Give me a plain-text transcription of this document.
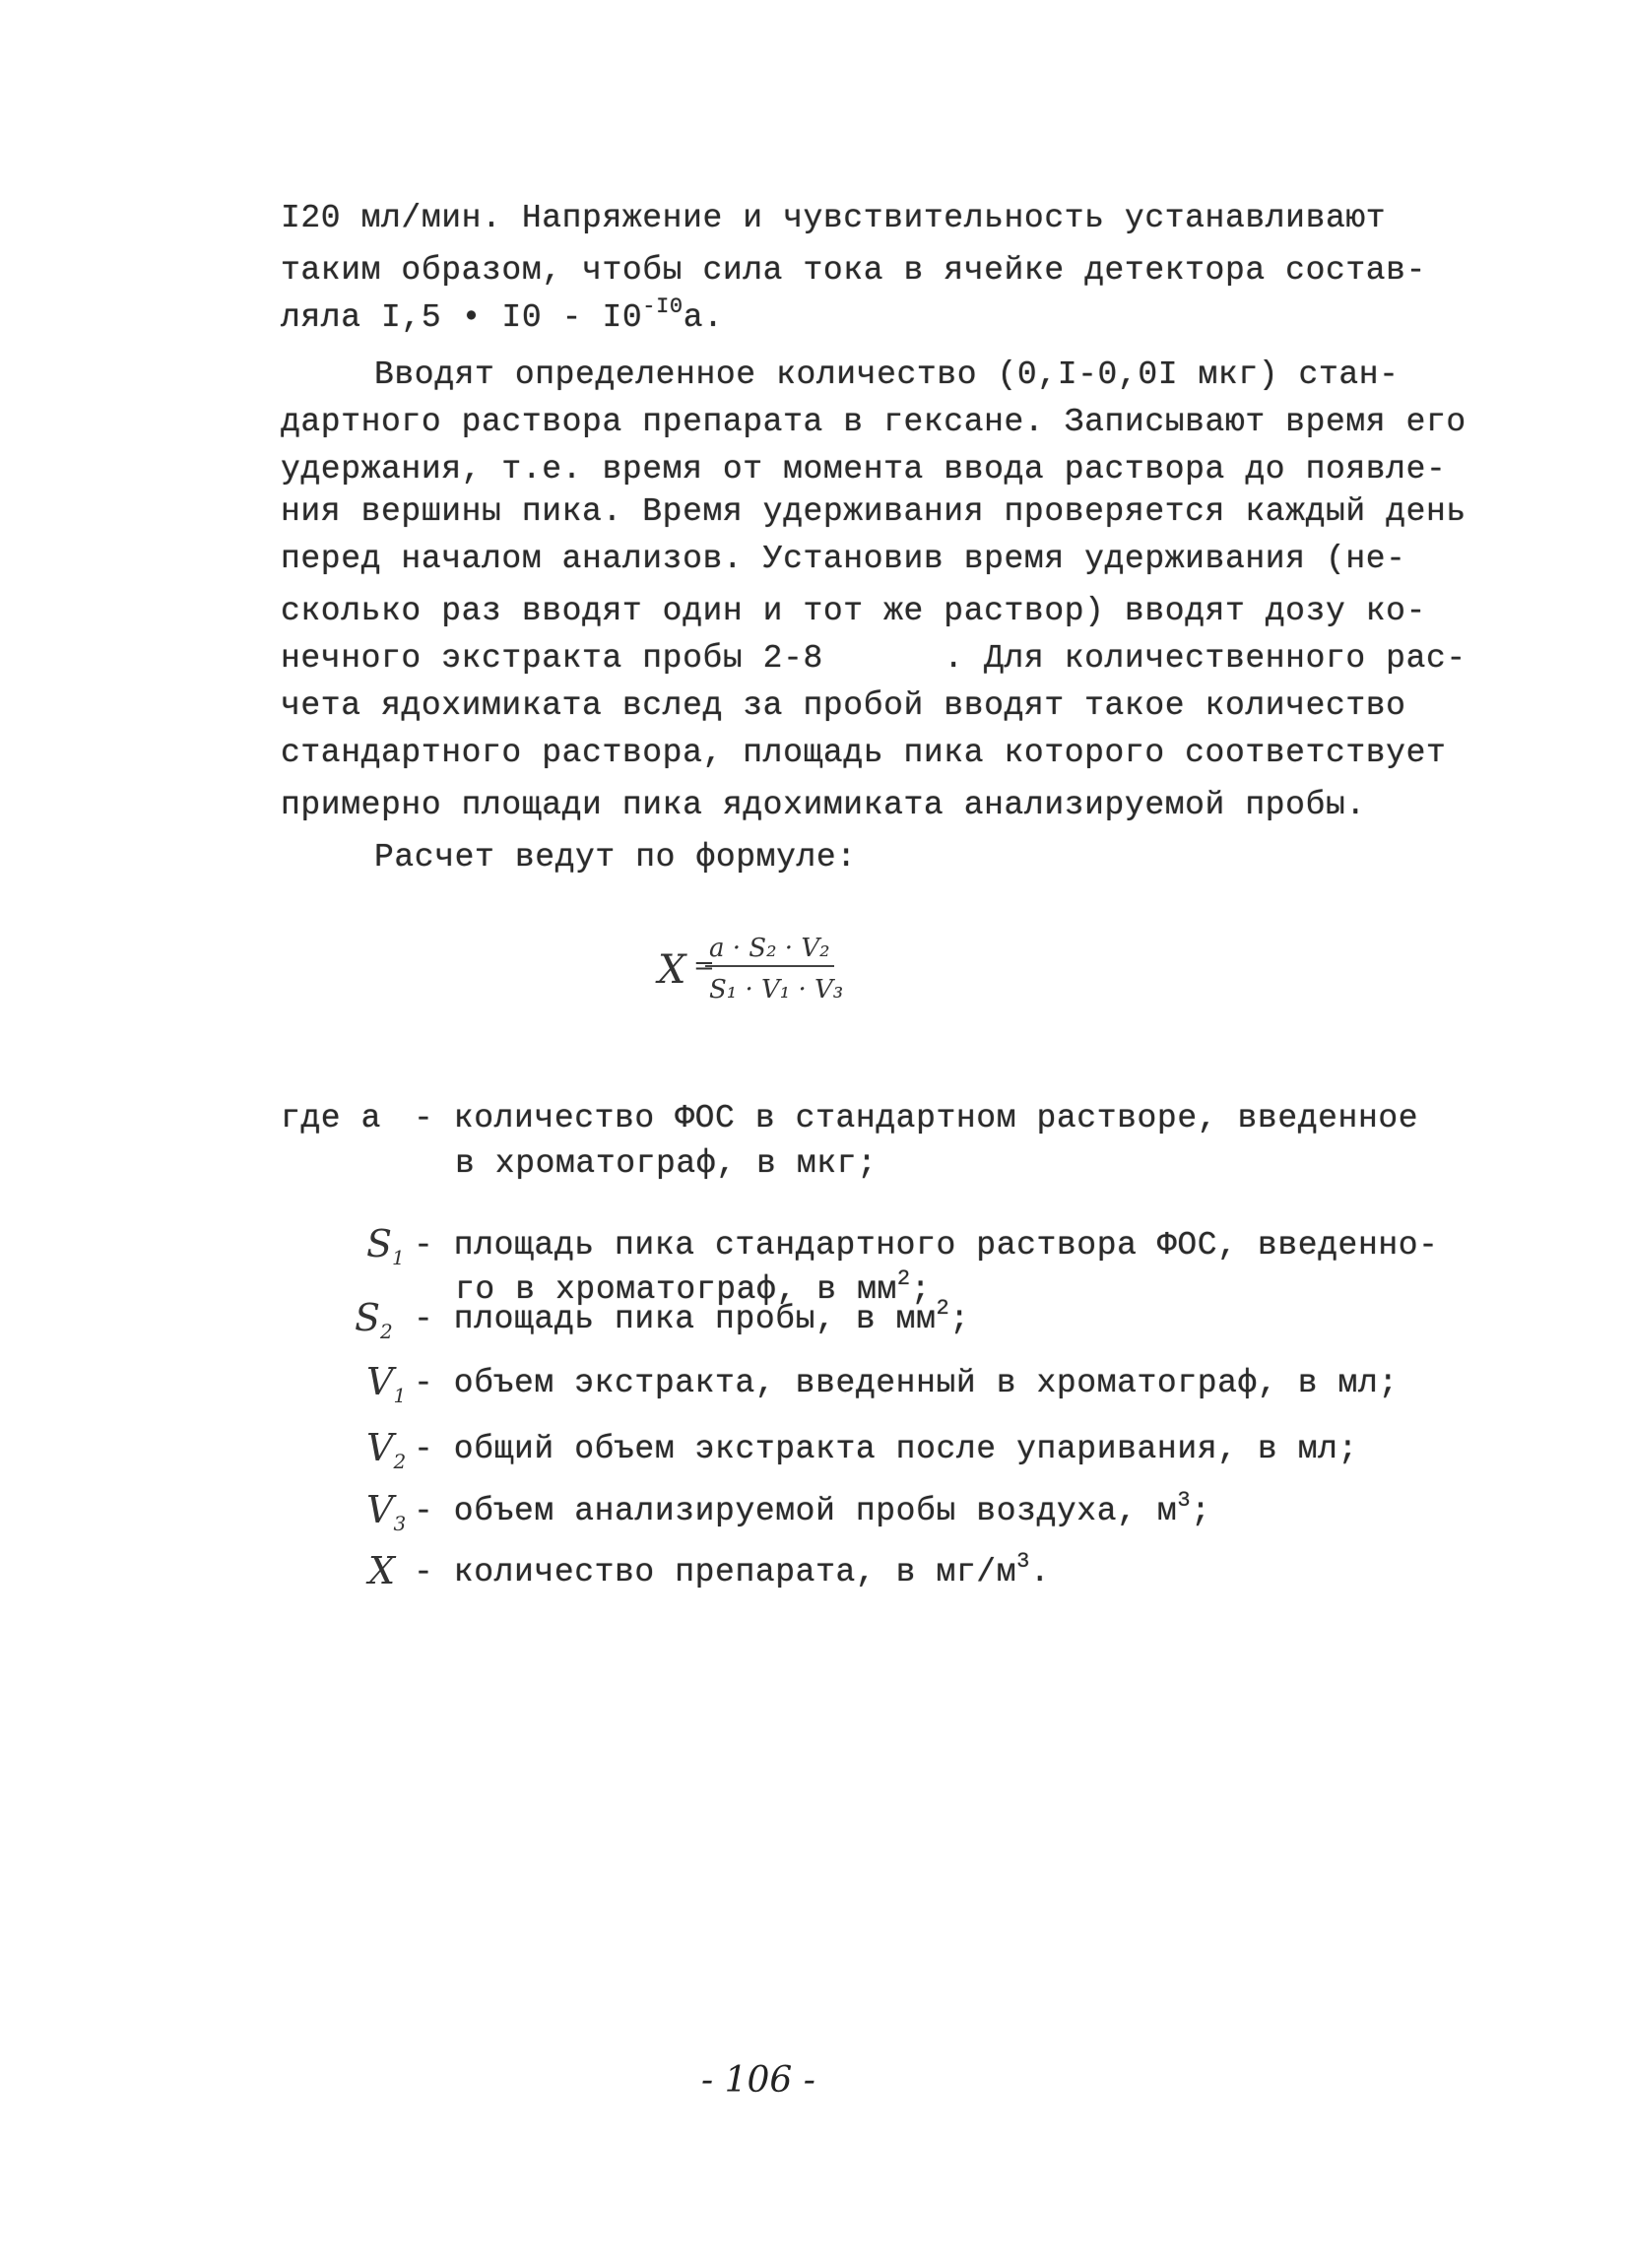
I20 мл/мин. Напряжение и чувствительность устанавливают
таким образом, чтобы сила тока в ячейке детектора состав-
ляла I,5 • $I0 - I0^{-I0}а$.
Вводят определенное количество (0,I-0,0I мкг) стан-
дартного раствора препарата в гексане. Записывают время его
удержания, т.е. время от момента ввода раствора до появле-
ния вершины пика. Время удерживания проверяется каждый день
перед началом анализов. Установив время удерживания (не-
сколько раз вводят один и тот же раствор) вводят дозу ко-
нечного экстракта пробы 2-8      . Для количественного рас-
чета ядохимиката вслед за пробой вводят такое количество
стандартного раствора, площадь пика которого соответствует
примерно площади пика ядохимиката анализируемой пробы.
Расчет ведут по формуле:
X =
a · S₂ · V₂
S₁ · V₁ · V₃
где а - количество ФОС в стандартном растворе, введенное
в хроматограф, в мкг;
$S_1$ - площадь пика стандартного раствора ФОС, введенно-
го в хроматограф, в $мм^2$;
$S_2$ - площадь пика пробы, в $мм^2$;
$V_1$ - объем экстракта, введенный в хроматограф, в мл;
$V_2$ - общий объем экстракта после упаривания, в мл;
$V_3$ - объем анализируемой пробы воздуха, $м^3$;
X - количество препарата, в $мг/м^3$.
- 106 -
